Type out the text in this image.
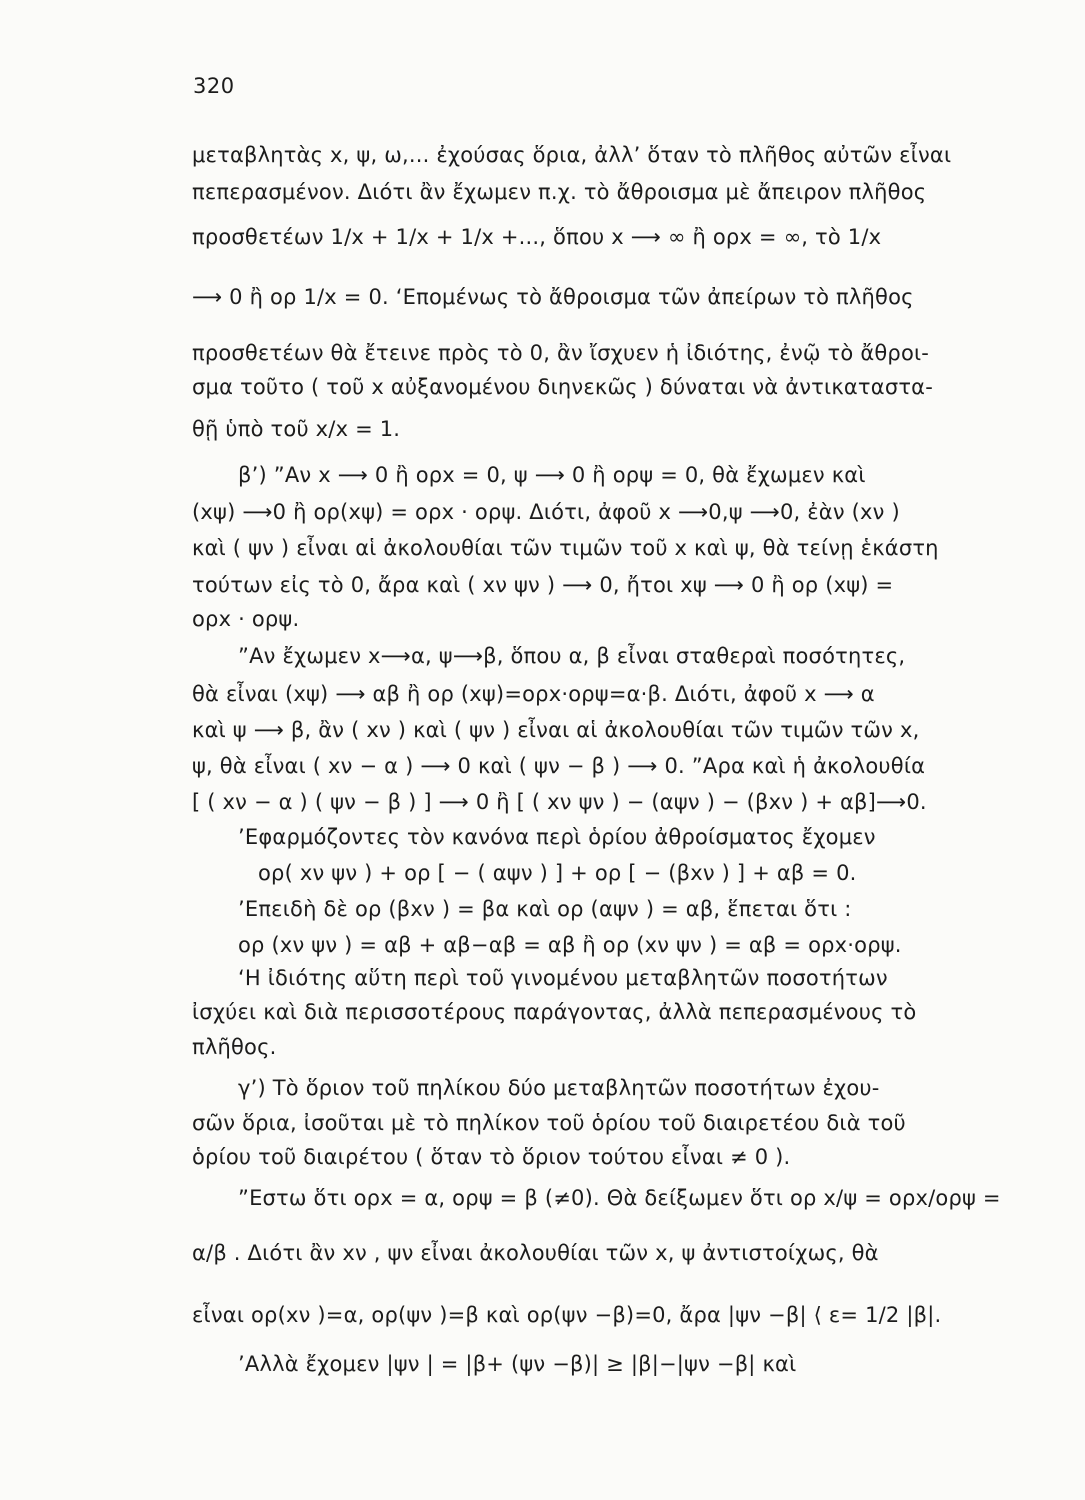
320
μεταβλητὰς x, ψ, ω,... ἐχούσας ὅρια, ἀλλ’ ὅταν τὸ πλῆθος αὐτῶν εἶναι
πεπερασμένον. Διότι ἂν ἔχωμεν π.χ. τὸ ἄθροισμα μὲ ἄπειρον πλῆθος
προσθετέων 1/x + 1/x + 1/x +..., ὅπου x ⟶ ∞ ἢ ορx = ∞, τὸ 1/x
⟶ 0 ἢ ορ 1/x = 0. ‘Επομένως τὸ ἄθροισμα τῶν ἀπείρων τὸ πλῆθος
προσθετέων θὰ ἔτεινε πρὸς τὸ 0, ἂν ἴσχυεν ἡ ἰδιότης, ἐνῷ τὸ ἄθροι-
σμα τοῦτο ( τοῦ x αὐξανομένου διηνεκῶς ) δύναται νὰ ἀντικαταστα-
θῇ ὑπὸ τοῦ x/x = 1.
β’) ”Αν x ⟶ 0 ἢ ορx = 0, ψ ⟶ 0 ἢ ορψ = 0, θὰ ἔχωμεν καὶ
(xψ) ⟶0 ἢ ορ(xψ) = ορx · ορψ. Διότι, ἀφοῦ x ⟶0,ψ ⟶0, ἐὰν (xν )
καὶ ( ψν ) εἶναι αἱ ἀκολουθίαι τῶν τιμῶν τοῦ x καὶ ψ, θὰ τείνῃ ἑκάστη
τούτων εἰς τὸ 0, ἄρα καὶ ( xν ψν ) ⟶ 0, ἤτοι xψ ⟶ 0 ἢ ορ (xψ) =
ορx · ορψ.
”Αν ἔχωμεν x⟶α, ψ⟶β, ὅπου α, β εἶναι σταθεραὶ ποσότητες,
θὰ εἶναι (xψ) ⟶ αβ ἢ ορ (xψ)=ορx·ορψ=α·β. Διότι, ἀφοῦ x ⟶ α
καὶ ψ ⟶ β, ἂν ( xν ) καὶ ( ψν ) εἶναι αἱ ἀκολουθίαι τῶν τιμῶν τῶν x,
ψ, θὰ εἶναι ( xν − α ) ⟶ 0 καὶ ( ψν − β ) ⟶ 0. ”Αρα καὶ ἡ ἀκολουθία
[ ( xν − α ) ( ψν − β ) ] ⟶ 0 ἢ [ ( xν ψν ) − (αψν ) − (βxν ) + αβ]⟶0.
’Εφαρμόζοντες τὸν κανόνα περὶ ὁρίου ἀθροίσματος ἔχομεν
ορ( xν ψν ) + ορ [ − ( αψν ) ] + ορ [ − (βxν ) ] + αβ = 0.
’Επειδὴ δὲ ορ (βxν ) = βα καὶ ορ (αψν ) = αβ, ἕπεται ὅτι :
ορ (xν ψν ) = αβ + αβ−αβ = αβ ἢ ορ (xν ψν ) = αβ = ορx·ορψ.
‘Η ἰδιότης αὕτη περὶ τοῦ γινομένου μεταβλητῶν ποσοτήτων
ἰσχύει καὶ διὰ περισσοτέρους παράγοντας, ἀλλὰ πεπερασμένους τὸ
πλῆθος.
γ’) Τὸ ὅριον τοῦ πηλίκου δύο μεταβλητῶν ποσοτήτων ἐχου-
σῶν ὅρια, ἰσοῦται μὲ τὸ πηλίκον τοῦ ὁρίου τοῦ διαιρετέου διὰ τοῦ
ὁρίου τοῦ διαιρέτου ( ὅταν τὸ ὅριον τούτου εἶναι ≠ 0 ).
”Εστω ὅτι ορx = α, ορψ = β (≠0). Θὰ δείξωμεν ὅτι ορ x/ψ = ορx/ορψ =
α/β . Διότι ἂν xν , ψν εἶναι ἀκολουθίαι τῶν x, ψ ἀντιστοίχως, θὰ
εἶναι ορ(xν )=α, ορ(ψν )=β καὶ ορ(ψν −β)=0, ἄρα |ψν −β| ⟨ ε= 1/2 |β|.
’Αλλὰ ἔχομεν |ψν | = |β+ (ψν −β)| ≥ |β|−|ψν −β| καὶ
